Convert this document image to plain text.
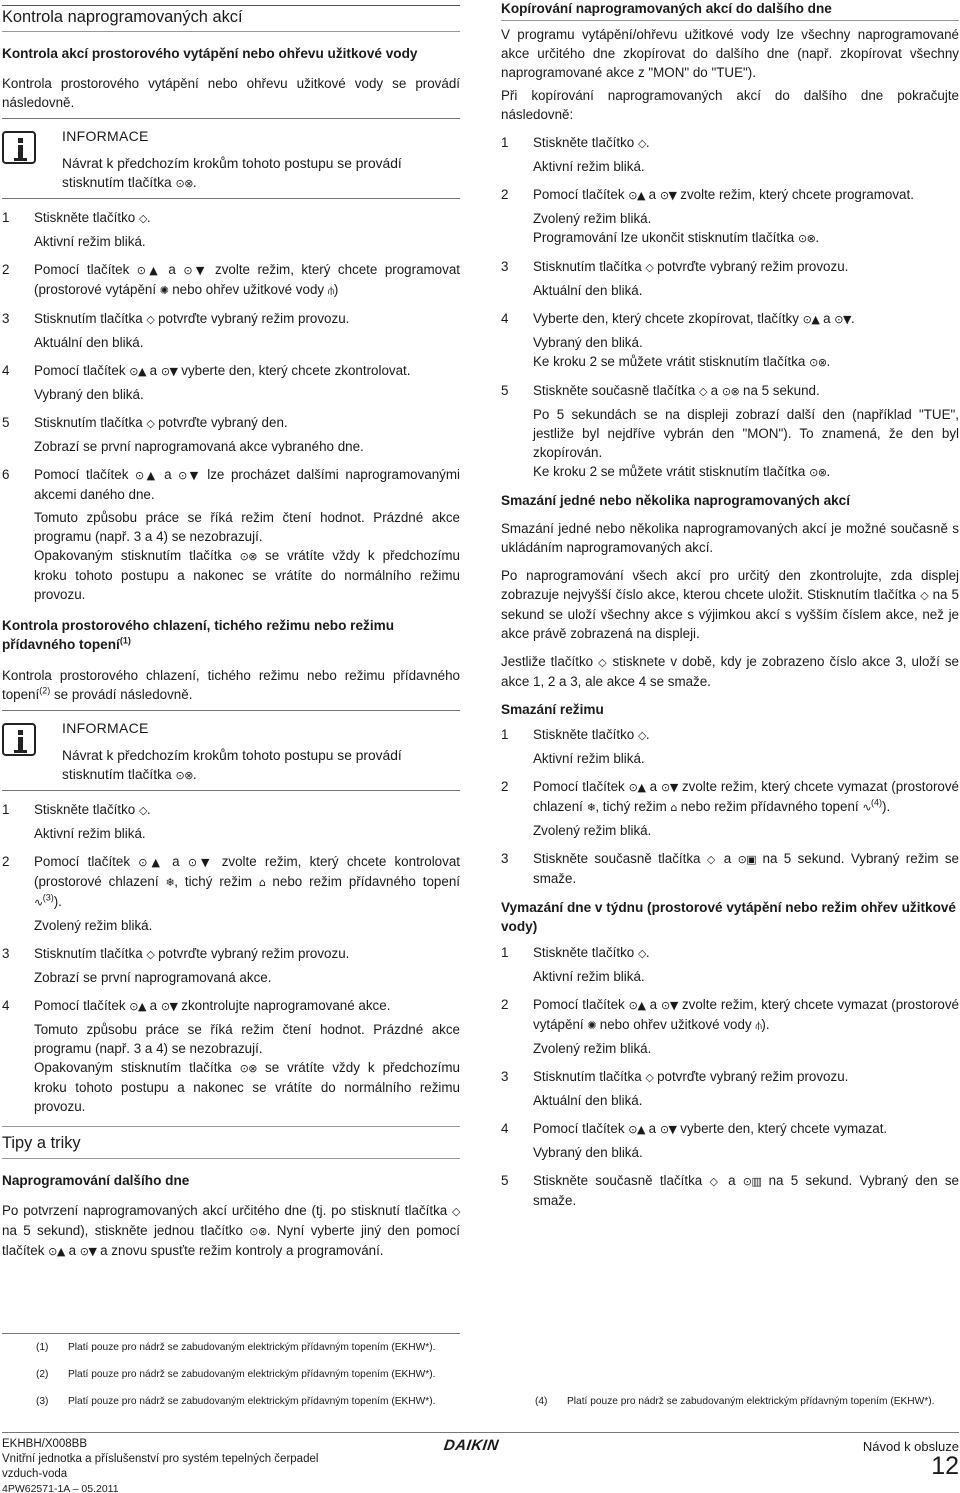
Kontrola naprogramovaných akcí
Kontrola akcí prostorového vytápění nebo ohřevu užitkové vody
Kontrola prostorového vytápění nebo ohřevu užitkové vody se provádí následovně.
INFORMACE
Návrat k předchozím krokům tohoto postupu se provádí stisknutím tlačítka ⊙⊗.
1 Stiskněte tlačítko ◇.
Aktivní režim bliká.
2 Pomocí tlačítek ⊙▲ a ⊙▼ zvolte režim, který chcete programovat (prostorové vytápění ✺ nebo ohřev užitkové vody ⫛)
3 Stisknutím tlačítka ◇ potvrďte vybraný režim provozu.
Aktuální den bliká.
4 Pomocí tlačítek ⊙▲ a ⊙▼ vyberte den, který chcete zkontrolovat.
Vybraný den bliká.
5 Stisknutím tlačítka ◇ potvrďte vybraný den.
Zobrazí se první naprogramovaná akce vybraného dne.
6 Pomocí tlačítek ⊙▲ a ⊙▼ lze procházet dalšími naprogramovanými akcemi daného dne.
Tomuto způsobu práce se říká režim čtení hodnot. Prázdné akce programu (např. 3 a 4) se nezobrazují.
Opakovaným stisknutím tlačítka ⊙⊗ se vrátíte vždy k předchozímu kroku tohoto postupu a nakonec se vrátíte do normálního režimu provozu.
Kontrola prostorového chlazení, tichého režimu nebo režimu přídavného topení$^{(1)}$
Kontrola prostorového chlazení, tichého režimu nebo režimu přídavného topení$^{(2)}$ se provádí následovně.
INFORMACE
Návrat k předchozím krokům tohoto postupu se provádí stisknutím tlačítka ⊙⊗.
1 Stiskněte tlačítko ◇.
Aktivní režim bliká.
2 Pomocí tlačítek ⊙▲ a ⊙▼ zvolte režim, který chcete kontrolovat (prostorové chlazení ❄, tichý režim ⌂ nebo režim přídavného topení ∿$^{(3)}$).
Zvolený režim bliká.
3 Stisknutím tlačítka ◇ potvrďte vybraný režim provozu.
Zobrazí se první naprogramovaná akce.
4 Pomocí tlačítek ⊙▲ a ⊙▼ zkontrolujte naprogramované akce.
Tomuto způsobu práce se říká režim čtení hodnot. Prázdné akce programu (např. 3 a 4) se nezobrazují.
Opakovaným stisknutím tlačítka ⊙⊗ se vrátíte vždy k předchozímu kroku tohoto postupu a nakonec se vrátíte do normálního režimu provozu.
Tipy a triky
Naprogramování dalšího dne
Po potvrzení naprogramovaných akcí určitého dne (tj. po stisknutí tlačítka ◇ na 5 sekund), stiskněte jednou tlačítko ⊙⊗. Nyní vyberte jiný den pomocí tlačítek ⊙▲ a ⊙▼ a znovu spusťte režim kontroly a programování.
Kopírování naprogramovaných akcí do dalšího dne
V programu vytápění/ohřevu užitkové vody lze všechny naprogramované akce určitého dne zkopírovat do dalšího dne (např. zkopírovat všechny naprogramované akce z "MON" do "TUE").
Při kopírování naprogramovaných akcí do dalšího dne pokračujte následovně:
1 Stiskněte tlačítko ◇.
Aktivní režim bliká.
2 Pomocí tlačítek ⊙▲ a ⊙▼ zvolte režim, který chcete programovat.
Zvolený režim bliká.
Programování lze ukončit stisknutím tlačítka ⊙⊗.
3 Stisknutím tlačítka ◇ potvrďte vybraný režim provozu.
Aktuální den bliká.
4 Vyberte den, který chcete zkopírovat, tlačítky ⊙▲ a ⊙▼.
Vybraný den bliká.
Ke kroku 2 se můžete vrátit stisknutím tlačítka ⊙⊗.
5 Stiskněte současně tlačítka ◇ a ⊙⊗ na 5 sekund.
Po 5 sekundách se na displeji zobrazí další den (například "TUE", jestliže byl nejdříve vybrán den "MON"). To znamená, že den byl zkopírován.
Ke kroku 2 se můžete vrátit stisknutím tlačítka ⊙⊗.
Smazání jedné nebo několika naprogramovaných akcí
Smazání jedné nebo několika naprogramovaných akcí je možné současně s ukládáním naprogramovaných akcí.
Po naprogramování všech akcí pro určitý den zkontrolujte, zda displej zobrazuje nejvyšší číslo akce, kterou chcete uložit. Stisknutím tlačítka ◇ na 5 sekund se uloží všechny akce s výjimkou akcí s vyšším číslem akce, než je akce právě zobrazená na displeji.
Jestliže tlačítko ◇ stisknete v době, kdy je zobrazeno číslo akce 3, uloží se akce 1, 2 a 3, ale akce 4 se smaže.
Smazání režimu
1 Stiskněte tlačítko ◇.
Aktivní režim bliká.
2 Pomocí tlačítek ⊙▲ a ⊙▼ zvolte režim, který chcete vymazat (prostorové chlazení ❄, tichý režim ⌂ nebo režim přídavného topení ∿$^{(4)}$).
Zvolený režim bliká.
3 Stiskněte současně tlačítka ◇ a ⊙▣ na 5 sekund. Vybraný režim se smaže.
Vymazání dne v týdnu (prostorové vytápění nebo režim ohřev užitkové vody)
1 Stiskněte tlačítko ◇.
Aktivní režim bliká.
2 Pomocí tlačítek ⊙▲ a ⊙▼ zvolte režim, který chcete vymazat (prostorové vytápění ✺ nebo ohřev užitkové vody ⫛).
Zvolený režim bliká.
3 Stisknutím tlačítka ◇ potvrďte vybraný režim provozu.
Aktuální den bliká.
4 Pomocí tlačítek ⊙▲ a ⊙▼ vyberte den, který chcete vymazat.
Vybraný den bliká.
5 Stiskněte současně tlačítka ◇ a ⊙▥ na 5 sekund. Vybraný den se smaže.
(1)	Platí pouze pro nádrž se zabudovaným elektrickým přídavným topením (EKHW*).
(2)	Platí pouze pro nádrž se zabudovaným elektrickým přídavným topením (EKHW*).
(3)	Platí pouze pro nádrž se zabudovaným elektrickým přídavným topením (EKHW*).	(4)	Platí pouze pro nádrž se zabudovaným elektrickým přídavným topením (EKHW*).
EKHBH/X008BB
Vnitřní jednotka a příslušenství pro systém tepelných čerpadel
vzduch-voda
4PW62571-1A – 05.2011
DAIKIN	Návod k obsluze
12
